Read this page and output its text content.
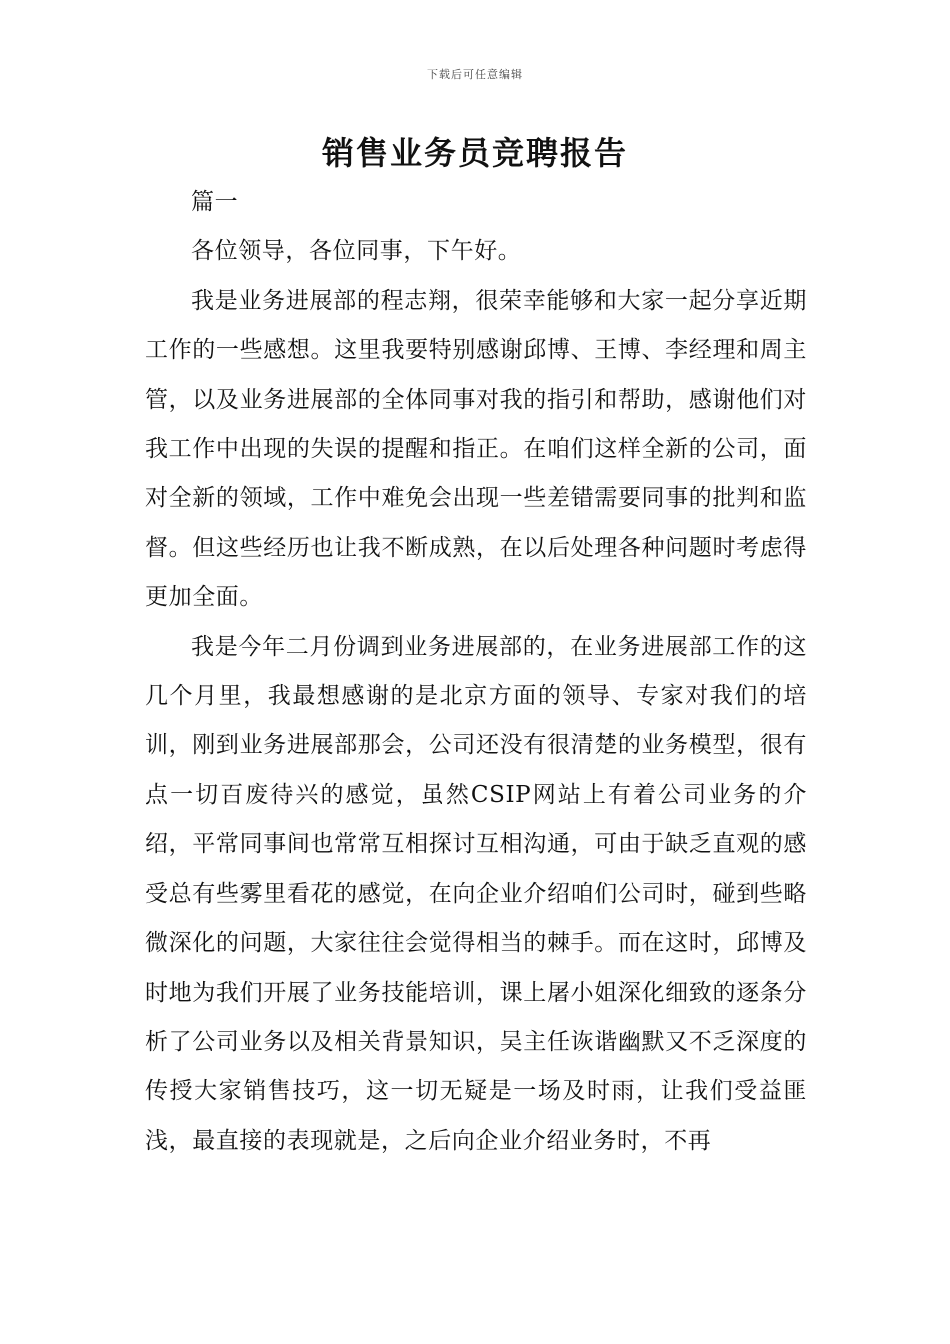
下载后可任意编辑
销售业务员竞聘报告

篇一

各位领导，各位同事，下午好。

我是业务进展部的程志翔，很荣幸能够和大家一起分享近期工作的一些感想。这里我要特别感谢邱博、王博、李经理和周主管，以及业务进展部的全体同事对我的指引和帮助，感谢他们对我工作中出现的失误的提醒和指正。在咱们这样全新的公司，面对全新的领域，工作中难免会出现一些差错需要同事的批判和监督。但这些经历也让我不断成熟，在以后处理各种问题时考虑得更加全面。

我是今年二月份调到业务进展部的，在业务进展部工作的这几个月里，我最想感谢的是北京方面的领导、专家对我们的培训，刚到业务进展部那会，公司还没有很清楚的业务模型，很有点一切百废待兴的感觉，虽然CSIP网站上有着公司业务的介绍，平常同事间也常常互相探讨互相沟通，可由于缺乏直观的感受总有些雾里看花的感觉，在向企业介绍咱们公司时，碰到些略微深化的问题，大家往往会觉得相当的棘手。而在这时，邱博及时地为我们开展了业务技能培训，课上屠小姐深化细致的逐条分析了公司业务以及相关背景知识，吴主任诙谐幽默又不乏深度的传授大家销售技巧，这一切无疑是一场及时雨，让我们受益匪浅，最直接的表现就是，之后向企业介绍业务时，不再
